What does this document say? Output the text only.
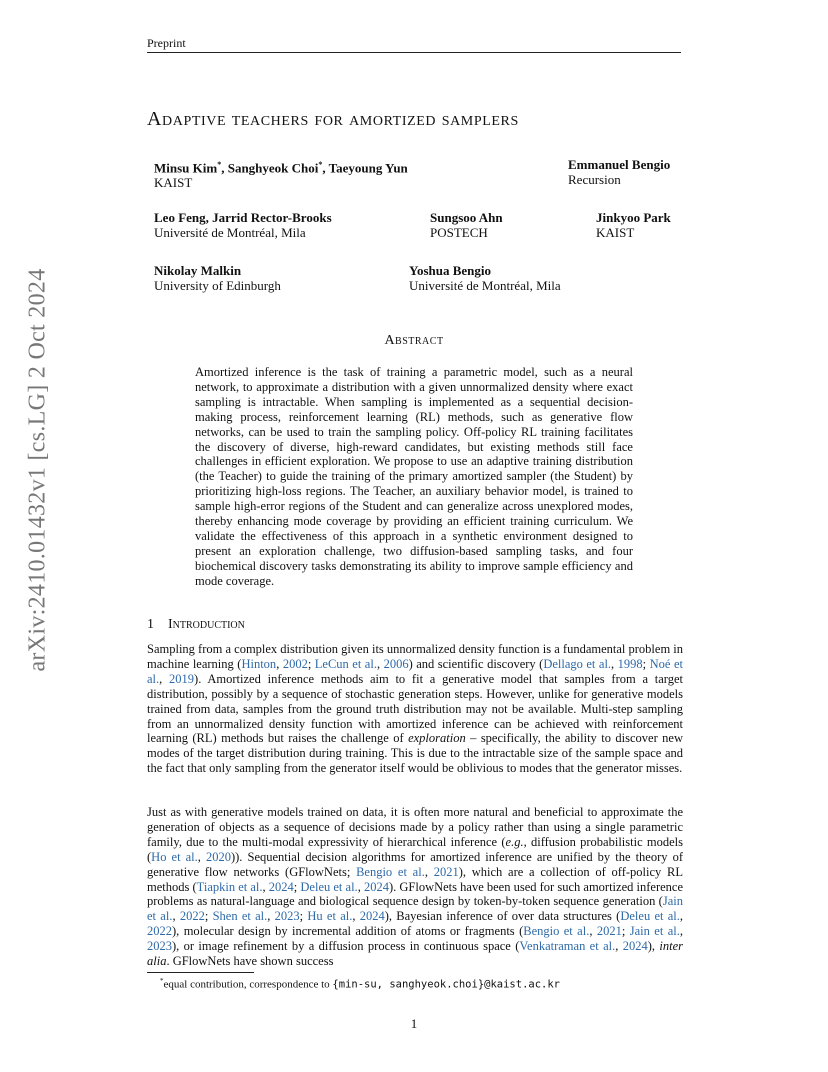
Preprint
arXiv:2410.01432v1 [cs.LG] 2 Oct 2024
Adaptive teachers for amortized samplers
Minsu Kim*, Sanghyeok Choi*, Taeyoung Yun
KAIST
Emmanuel Bengio
Recursion
Leo Feng, Jarrid Rector-Brooks
Université de Montréal, Mila
Sungsoo Ahn
POSTECH
Jinkyoo Park
KAIST
Nikolay Malkin
University of Edinburgh
Yoshua Bengio
Université de Montréal, Mila
Abstract
Amortized inference is the task of training a parametric model, such as a neural network, to approximate a distribution with a given unnormalized density where exact sampling is intractable. When sampling is implemented as a sequential decision-making process, reinforcement learning (RL) methods, such as generative flow networks, can be used to train the sampling policy. Off-policy RL training facilitates the discovery of diverse, high-reward candidates, but existing methods still face challenges in efficient exploration. We propose to use an adaptive training distribution (the Teacher) to guide the training of the primary amortized sampler (the Student) by prioritizing high-loss regions. The Teacher, an auxiliary behavior model, is trained to sample high-error regions of the Student and can generalize across unexplored modes, thereby enhancing mode coverage by providing an efficient training curriculum. We validate the effectiveness of this approach in a synthetic environment designed to present an exploration challenge, two diffusion-based sampling tasks, and four biochemical discovery tasks demonstrating its ability to improve sample efficiency and mode coverage.
1 Introduction
Sampling from a complex distribution given its unnormalized density function is a fundamental problem in machine learning (Hinton, 2002; LeCun et al., 2006) and scientific discovery (Dellago et al., 1998; Noé et al., 2019). Amortized inference methods aim to fit a generative model that samples from a target distribution, possibly by a sequence of stochastic generation steps. However, unlike for generative models trained from data, samples from the ground truth distribution may not be available. Multi-step sampling from an unnormalized density function with amortized inference can be achieved with reinforcement learning (RL) methods but raises the challenge of exploration – specifically, the ability to discover new modes of the target distribution during training. This is due to the intractable size of the sample space and the fact that only sampling from the generator itself would be oblivious to modes that the generator misses.
Just as with generative models trained on data, it is often more natural and beneficial to approximate the generation of objects as a sequence of decisions made by a policy rather than using a single parametric family, due to the multi-modal expressivity of hierarchical inference (e.g., diffusion probabilistic models (Ho et al., 2020)). Sequential decision algorithms for amortized inference are unified by the theory of generative flow networks (GFlowNets; Bengio et al., 2021), which are a collection of off-policy RL methods (Tiapkin et al., 2024; Deleu et al., 2024). GFlowNets have been used for such amortized inference problems as natural-language and biological sequence design by token-by-token sequence generation (Jain et al., 2022; Shen et al., 2023; Hu et al., 2024), Bayesian inference of over data structures (Deleu et al., 2022), molecular design by incremental addition of atoms or fragments (Bengio et al., 2021; Jain et al., 2023), or image refinement by a diffusion process in continuous space (Venkatraman et al., 2024), inter alia. GFlowNets have shown success
*equal contribution, correspondence to {min-su, sanghyeok.choi}@kaist.ac.kr
1
